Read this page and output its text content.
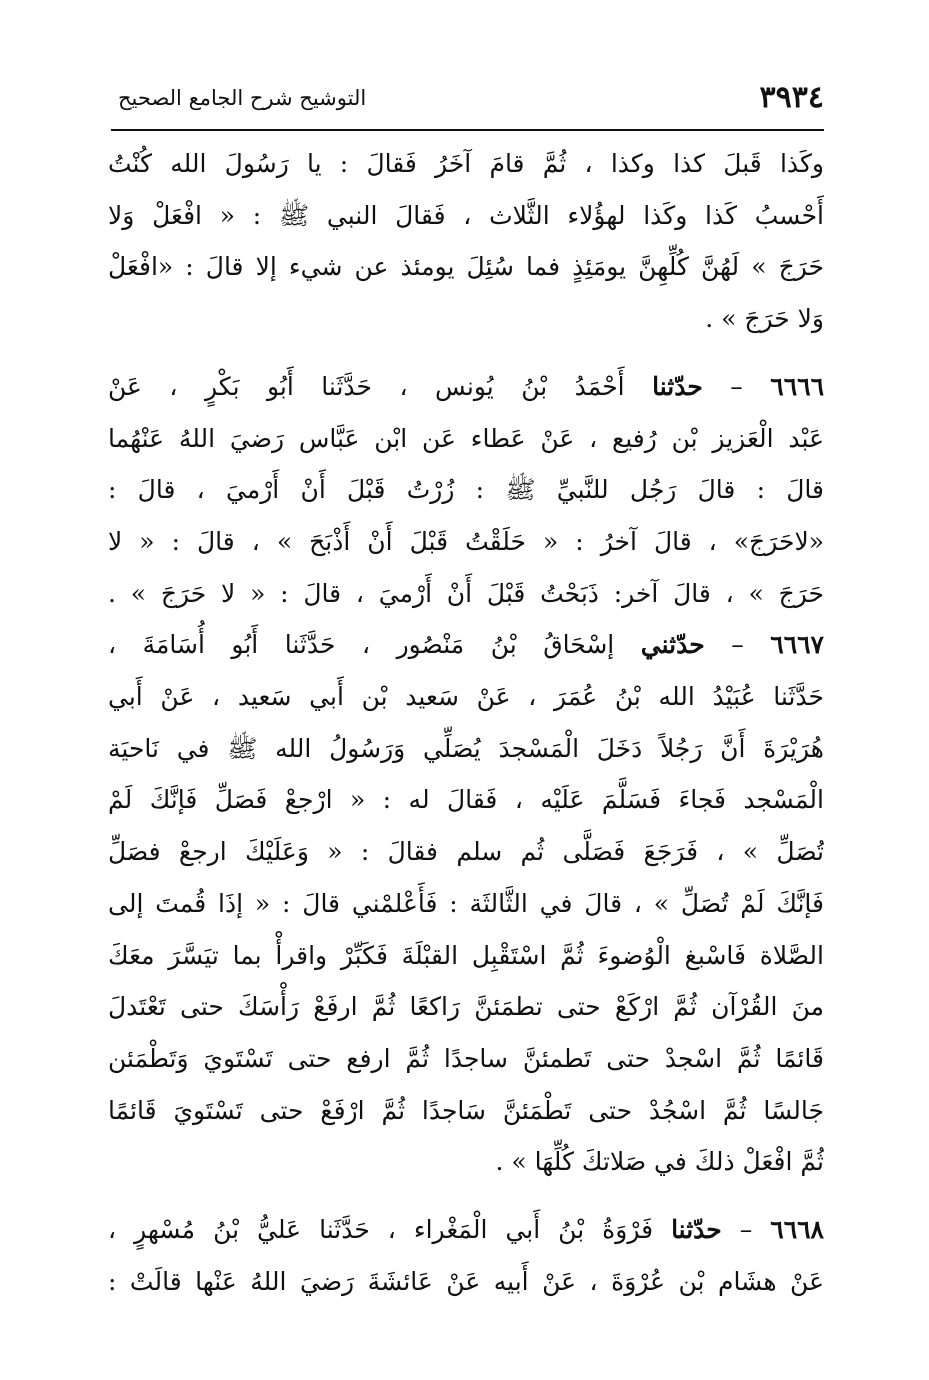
٣٩٣٤
التوشيح شرح الجامع الصحيح
وكَذا قَبلَ كذا وكذا ، ثُمَّ قامَ آخَرُ فَقالَ : يا رَسُولَ الله كُنْتُ
أَحْسبُ كَذا وكَذا لهؤُلاء الثَّلاث ، فَقالَ النبي ﷺ : « افْعَلْ وَلا
حَرَجَ » لَهُنَّ كُلِّهِنَّ يومَئِذٍ فما سُئِلَ يومئذ عن شيء إلا قالَ : «افْعَلْ
وَلا حَرَجَ » .
٦٦٦٦ – حدّثنا أَحْمَدُ بْنُ يُونس ، حَدَّثَنا أَبُو بَكْرٍ ، عَنْ
عَبْد الْعَزيز بْن رُفيع ، عَنْ عَطاء عَن ابْن عَبَّاس رَضيَ اللهُ عَنْهُما
قالَ : قالَ رَجُل للنَّبيِّ ﷺ : زُرْتُ قَبْلَ أَنْ أَرْميَ ، قالَ :
«لاحَرَجَ» ، قالَ آخرُ : « حَلَقْتُ قَبْلَ أَنْ أَذْبَحَ » ، قالَ : « لا
حَرَجَ » ، قالَ آخر: ذَبَحْتُ قَبْلَ أَنْ أَرْميَ ، قالَ : « لا حَرَجَ » .
٦٦٦٧ – حدّثني إسْحَاقُ بْنُ مَنْصُور ، حَدَّثَنا أَبُو أُسَامَةَ ،
حَدَّثَنا عُبَيْدُ الله بْنُ عُمَرَ ، عَنْ سَعيد بْن أَبي سَعيد ، عَنْ أَبي
هُرَيْرَةَ أَنَّ رَجُلاً دَخَلَ الْمَسْجدَ يُصَلِّي وَرَسُولُ الله ﷺ في نَاحيَة
الْمَسْجد فَجاءَ فَسَلَّمَ عَلَيْه ، فَقالَ له : « ارْجعْ فَصَلِّ فَإنَّكَ لَمْ
تُصَلِّ » ، فَرَجَعَ فَصَلَّى ثُم سلم فقالَ : « وَعَلَيْكَ ارجعْ فصَلِّ
فَإنَّكَ لَمْ تُصَلِّ » ، قالَ في الثَّالثَة : فَأَعْلمْني قالَ : « إذَا قُمتَ إلى
الصَّلاة فَاسْبغ الْوُضوءَ ثُمَّ اسْتَقْبِل القبْلَةَ فَكَبِّرْ واقرأْ بما تيَسَّرَ معَكَ
منَ القُرْآن ثُمَّ ارْكَعْ حتى تطمَئنَّ رَاكعًا ثُمَّ ارفَعْ رَأْسَكَ حتى تَعْتَدلَ
قَائمًا ثُمَّ اسْجدْ حتى تَطمئنَّ ساجدًا ثُمَّ ارفع حتى تَسْتَويَ وَتَطْمَئن
جَالسًا ثُمَّ اسْجُدْ حتى تَطْمَئنَّ سَاجدًا ثُمَّ ارْفَعْ حتى تَسْتَويَ قَائمًا
ثُمَّ افْعَلْ ذلكَ في صَلاتكَ كُلِّهَا » .
٦٦٦٨ – حدّثنا فَرْوَةُ بْنُ أَبي الْمَغْراء ، حَدَّثَنا عَليُّ بْنُ مُسْهرٍ ،
عَنْ هشَام بْن عُرْوَةَ ، عَنْ أَبيه عَنْ عَائشَةَ رَضيَ اللهُ عَنْها قالَتْ :
